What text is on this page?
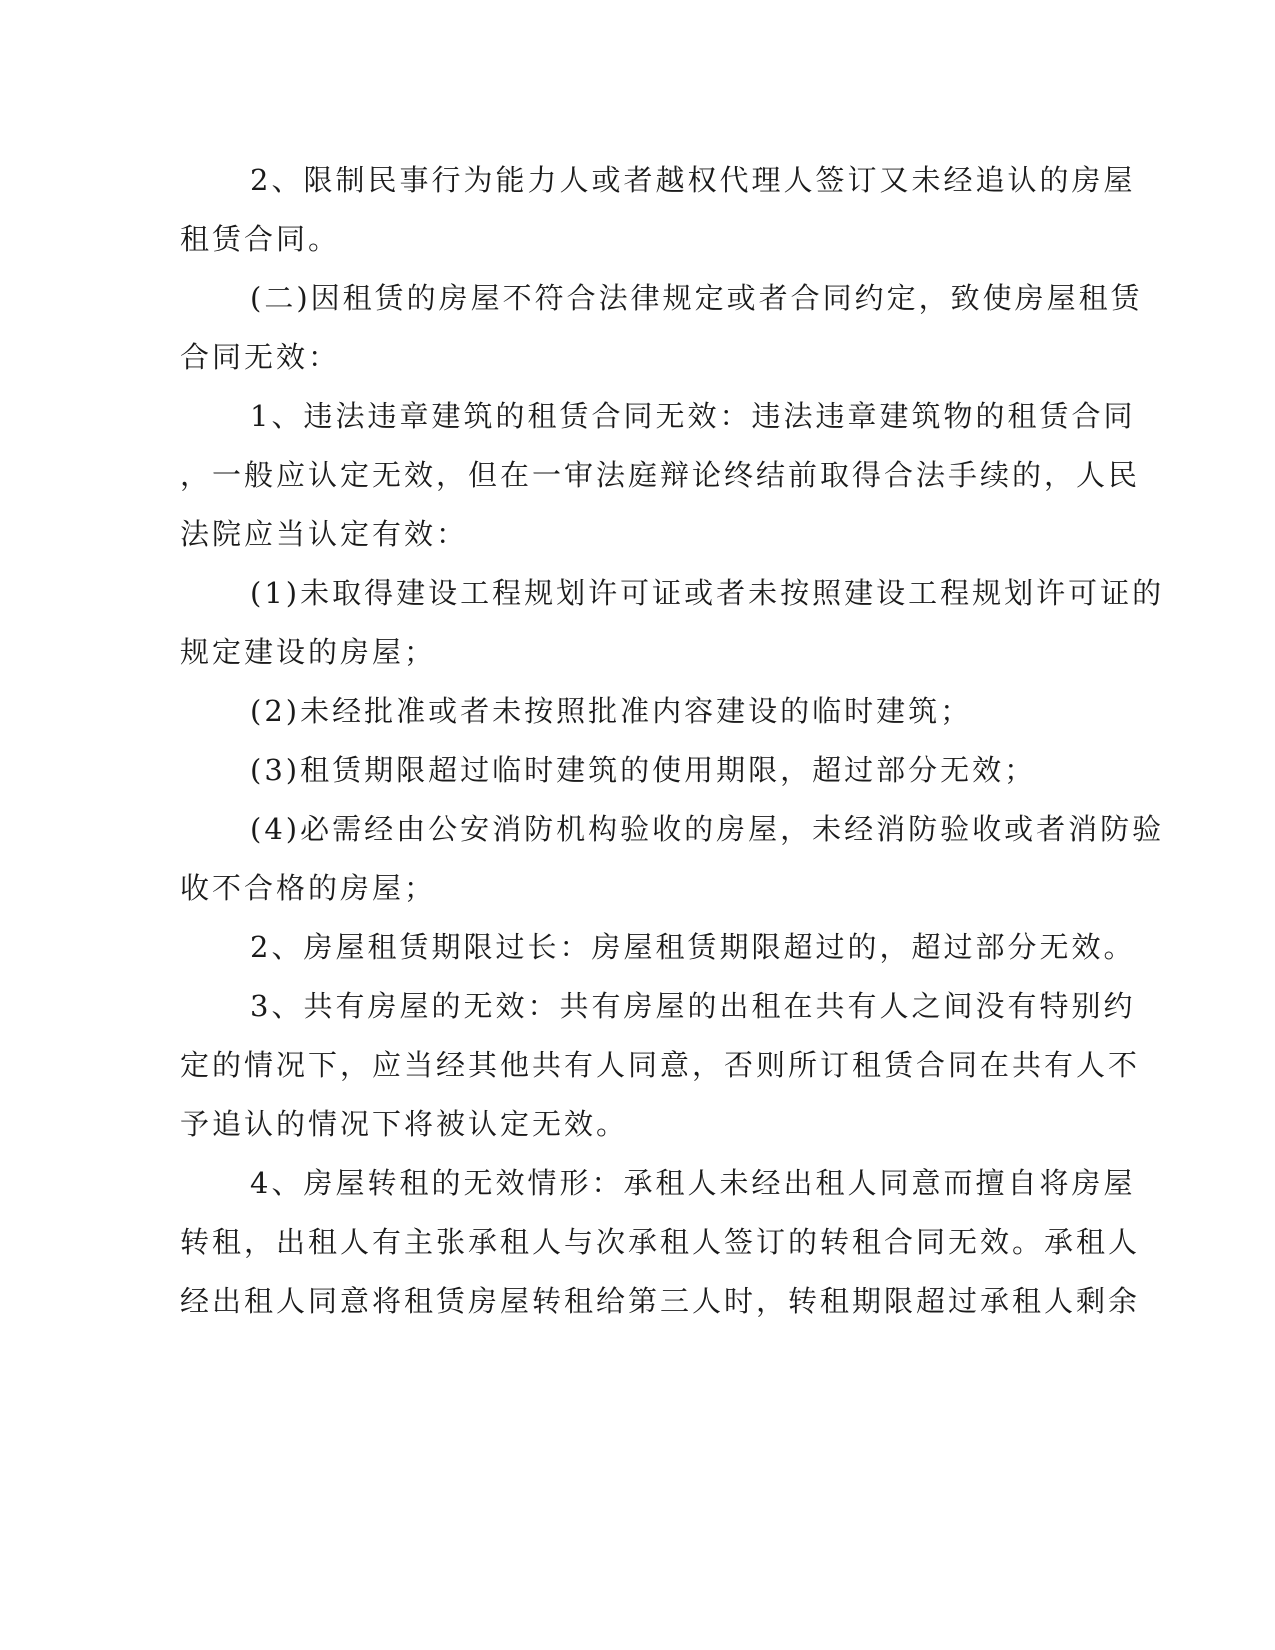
2、限制民事行为能力人或者越权代理人签订又未经追认的房屋
租赁合同。
(二)因租赁的房屋不符合法律规定或者合同约定，致使房屋租赁
合同无效：
1、违法违章建筑的租赁合同无效：违法违章建筑物的租赁合同
，一般应认定无效，但在一审法庭辩论终结前取得合法手续的，人民
法院应当认定有效：
(1)未取得建设工程规划许可证或者未按照建设工程规划许可证的
规定建设的房屋；
(2)未经批准或者未按照批准内容建设的临时建筑；
(3)租赁期限超过临时建筑的使用期限，超过部分无效；
(4)必需经由公安消防机构验收的房屋，未经消防验收或者消防验
收不合格的房屋；
2、房屋租赁期限过长：房屋租赁期限超过的，超过部分无效。
3、共有房屋的无效：共有房屋的出租在共有人之间没有特别约
定的情况下，应当经其他共有人同意，否则所订租赁合同在共有人不
予追认的情况下将被认定无效。
4、房屋转租的无效情形：承租人未经出租人同意而擅自将房屋
转租，出租人有主张承租人与次承租人签订的转租合同无效。承租人
经出租人同意将租赁房屋转租给第三人时，转租期限超过承租人剩余
